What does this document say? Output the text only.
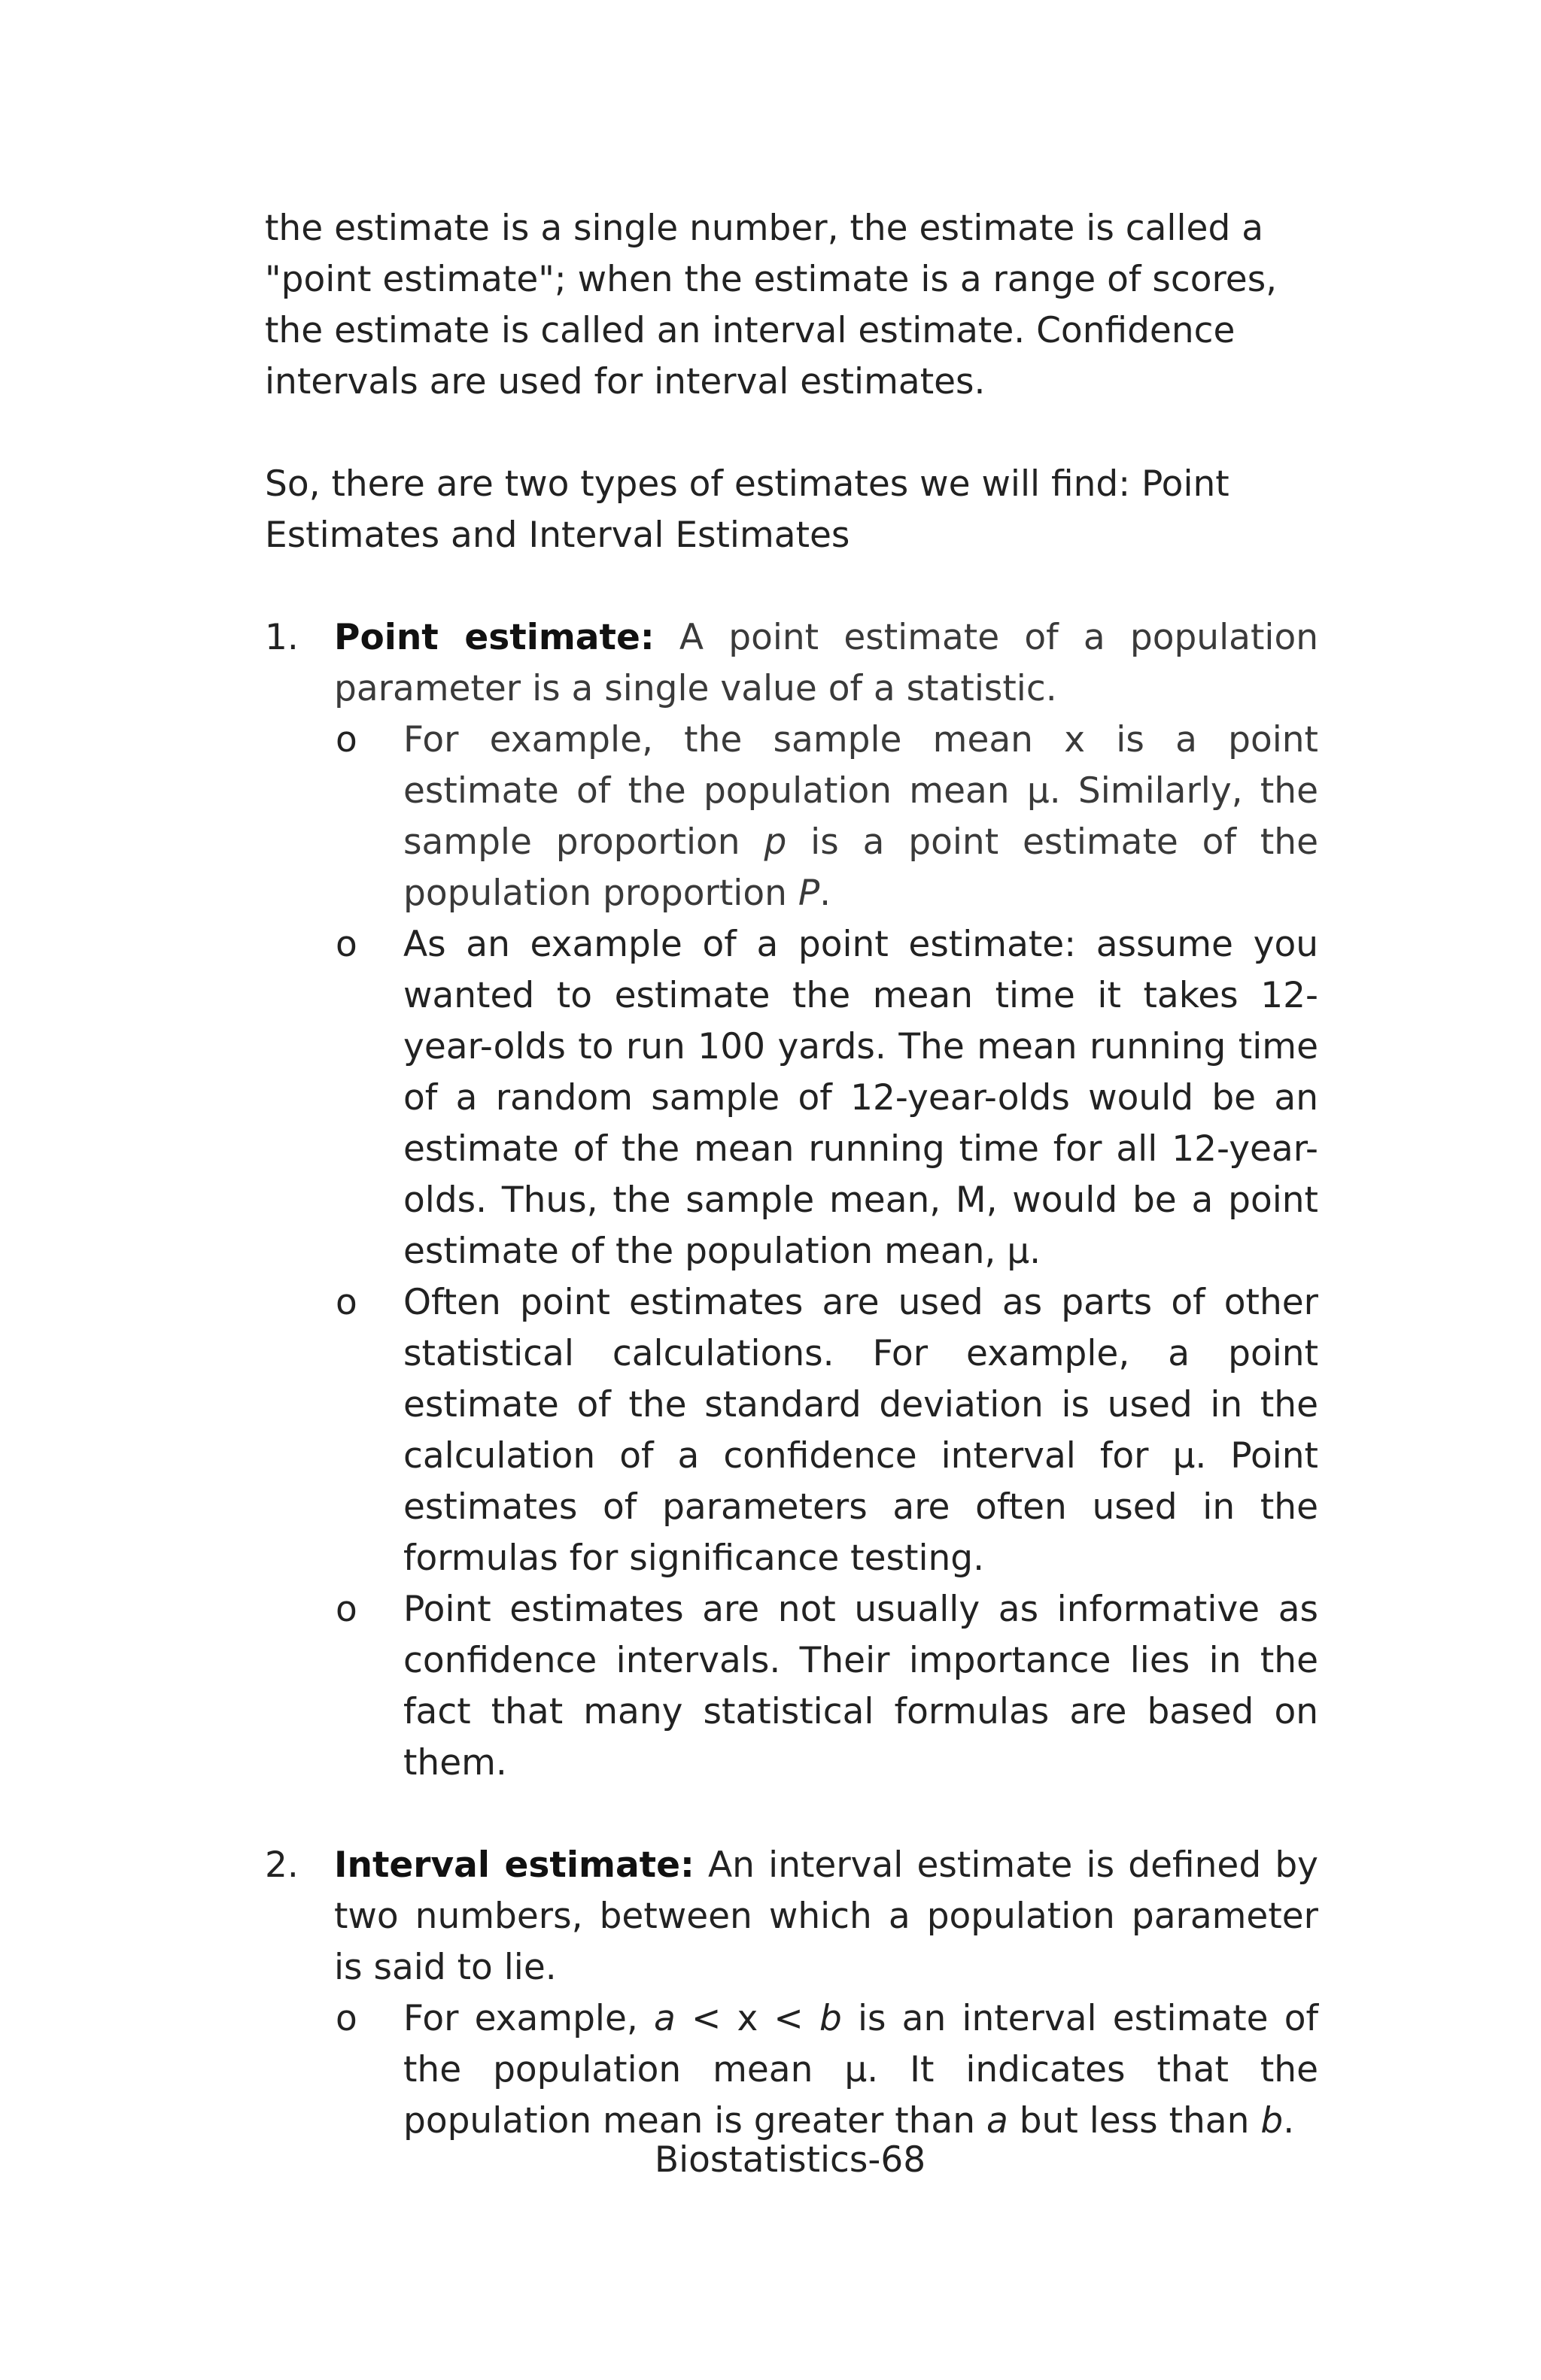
the estimate is a single number, the estimate is called a "point estimate"; when the estimate is a range of scores, the estimate is called an interval estimate. Confidence intervals are used for interval estimates.

So, there are two types of estimates we will find: Point Estimates and Interval Estimates

1. Point estimate: A point estimate of a population parameter is a single value of a statistic.
o For example, the sample mean x is a point estimate of the population mean μ. Similarly, the sample proportion p is a point estimate of the population proportion P.
o As an example of a point estimate: assume you wanted to estimate the mean time it takes 12-year-olds to run 100 yards. The mean running time of a random sample of 12-year-olds would be an estimate of the mean running time for all 12-year-olds. Thus, the sample mean, M, would be a point estimate of the population mean, μ.
o Often point estimates are used as parts of other statistical calculations. For example, a point estimate of the standard deviation is used in the calculation of a confidence interval for μ. Point estimates of parameters are often used in the formulas for significance testing.
o Point estimates are not usually as informative as confidence intervals. Their importance lies in the fact that many statistical formulas are based on them.
2. Interval estimate: An interval estimate is defined by two numbers, between which a population parameter is said to lie.
o For example, a < x < b is an interval estimate of the population mean μ. It indicates that the population mean is greater than a but less than b.
Biostatistics-68
